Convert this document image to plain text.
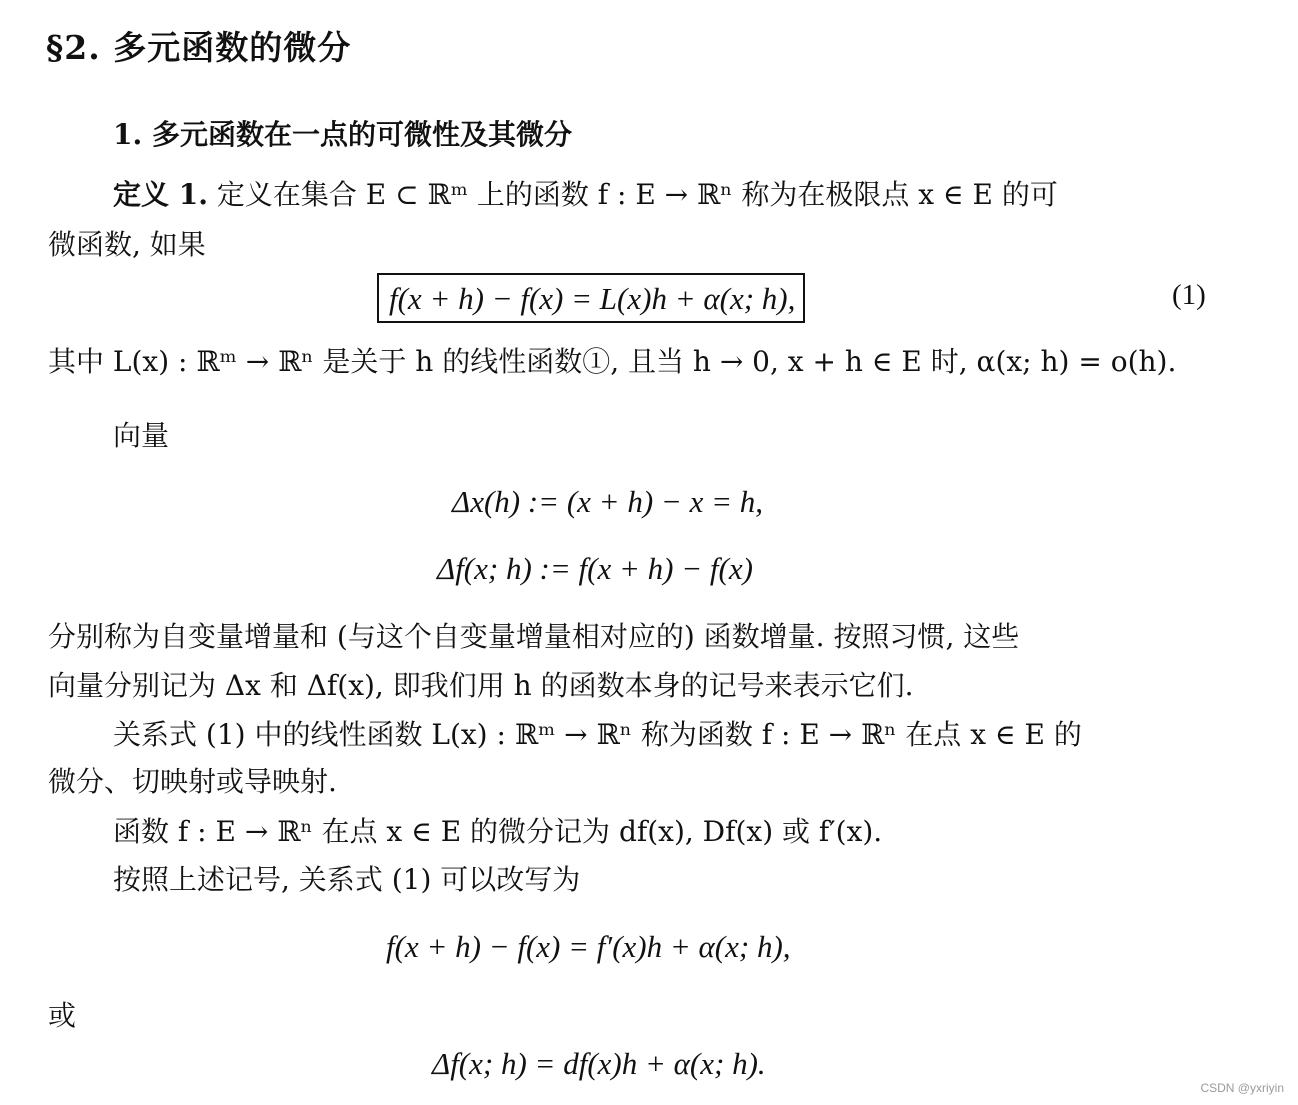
§2. 多元函数的微分
1. 多元函数在一点的可微性及其微分
定义 1. 定义在集合 E ⊂ ℝᵐ 上的函数 f : E → ℝⁿ 称为在极限点 x ∈ E 的可
微函数, 如果
f(x + h) − f(x) = L(x)h + α(x; h),	(1)
其中 L(x) : ℝᵐ → ℝⁿ 是关于 h 的线性函数①, 且当 h → 0, x + h ∈ E 时, α(x; h) = o(h).
向量
Δx(h) := (x + h) − x = h,
Δf(x; h) := f(x + h) − f(x)
分别称为自变量增量和 (与这个自变量增量相对应的) 函数增量. 按照习惯, 这些
向量分别记为 Δx 和 Δf(x), 即我们用 h 的函数本身的记号来表示它们.
关系式 (1) 中的线性函数 L(x) : ℝᵐ → ℝⁿ 称为函数 f : E → ℝⁿ 在点 x ∈ E 的
微分、切映射或导映射.
函数 f : E → ℝⁿ 在点 x ∈ E 的微分记为 df(x), Df(x) 或 f′(x).
按照上述记号, 关系式 (1) 可以改写为
f(x + h) − f(x) = f′(x)h + α(x; h),
或
Δf(x; h) = df(x)h + α(x; h).
CSDN @yxriyin
